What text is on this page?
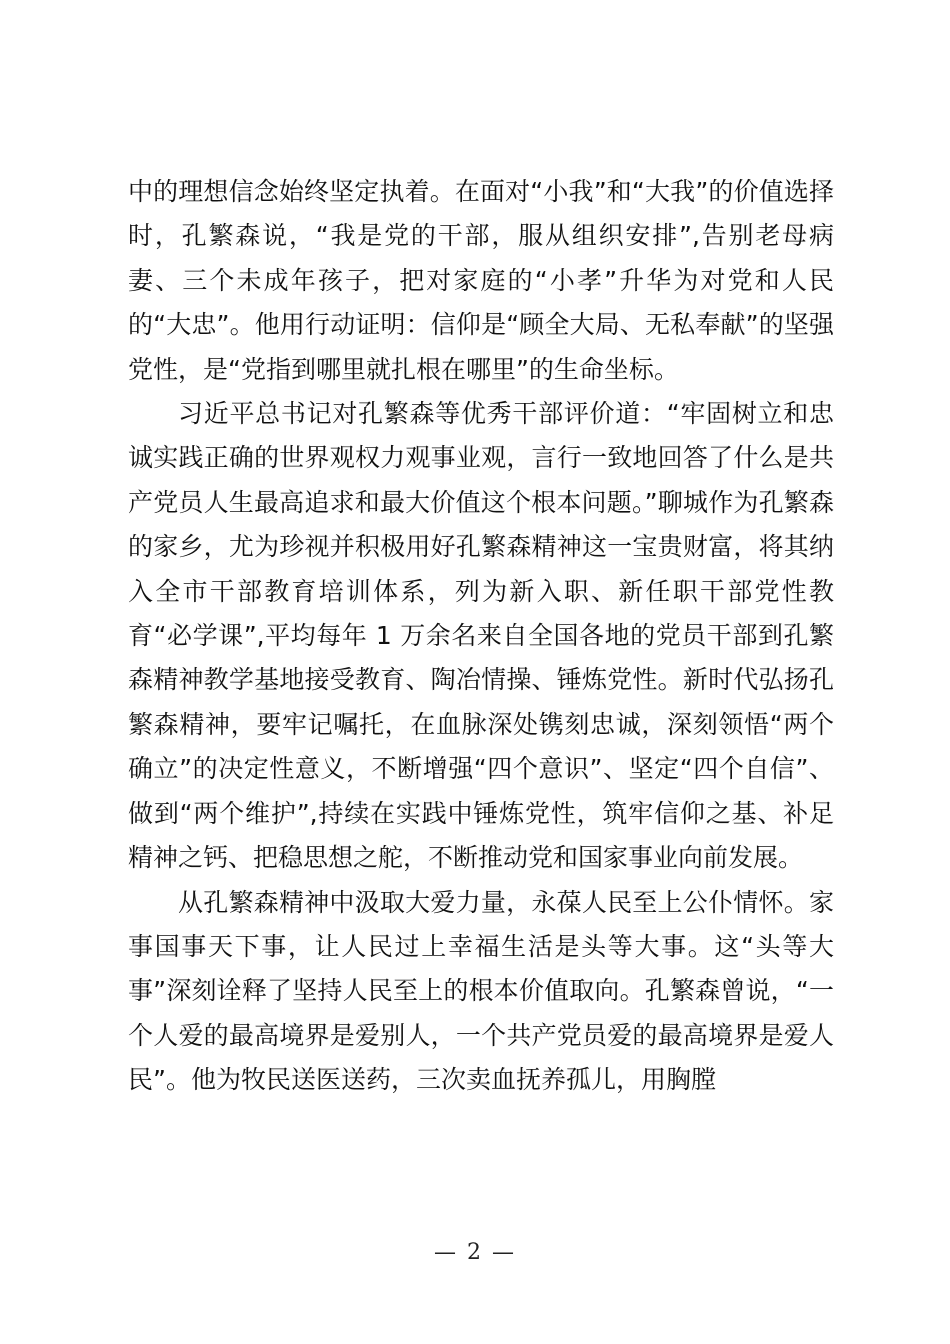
中的理想信念始终坚定执着。在面对“小我”和“大我”的价值选择时，孔繁森说，“我是党的干部，服从组织安排”,告别老母病妻、三个未成年孩子，把对家庭的“小孝”升华为对党和人民的“大忠”。他用行动证明：信仰是“顾全大局、无私奉献”的坚强党性，是“党指到哪里就扎根在哪里”的生命坐标。

习近平总书记对孔繁森等优秀干部评价道：“牢固树立和忠诚实践正确的世界观权力观事业观，言行一致地回答了什么是共产党员人生最高追求和最大价值这个根本问题。”聊城作为孔繁森的家乡，尤为珍视并积极用好孔繁森精神这一宝贵财富，将其纳入全市干部教育培训体系，列为新入职、新任职干部党性教育“必学课”,平均每年 1 万余名来自全国各地的党员干部到孔繁森精神教学基地接受教育、陶冶情操、锤炼党性。新时代弘扬孔繁森精神，要牢记嘱托，在血脉深处镌刻忠诚，深刻领悟“两个确立”的决定性意义，不断增强“四个意识”、坚定“四个自信”、做到“两个维护”,持续在实践中锤炼党性，筑牢信仰之基、补足精神之钙、把稳思想之舵，不断推动党和国家事业向前发展。

从孔繁森精神中汲取大爱力量，永葆人民至上公仆情怀。家事国事天下事，让人民过上幸福生活是头等大事。这“头等大事”深刻诠释了坚持人民至上的根本价值取向。孔繁森曾说，“一个人爱的最高境界是爱别人，一个共产党员爱的最高境界是爱人民”。他为牧民送医送药，三次卖血抚养孤儿，用胸膛

— 2 —
